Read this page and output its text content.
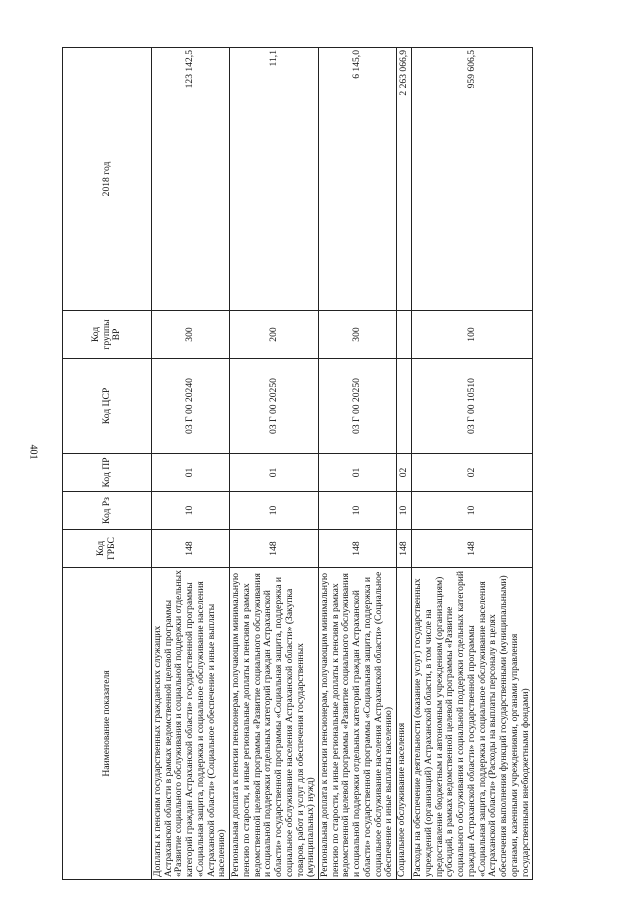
401
Наименование показателя	Код ГРБС	Код Рз	Код ПР	Код ЦСР	Код группы ВР	2018 год
Доплаты к пенсиям государственных гражданских служащих Астраханской области в рамках ведомственной целевой программы «Развитие социального обслуживания и социальной поддержки отдельных категорий граждан Астраханской области» государственной программы «Социальная защита, поддержка и социальное обслуживание населения Астраханской области» (Социальное обеспечение и иные выплаты населению)	148	10	01	03 Г 00 20240	300	123 142,5
Региональная доплата к пенсии пенсионерам, получающим минимальную пенсию по старости, и иные региональные доплаты к пенсиям в рамках ведомственной целевой программы «Развитие социального обслуживания и социальной поддержки отдельных категорий граждан Астраханской области» государственной программы «Социальная защита, поддержка и социальное обслуживание населения Астраханской области» (Закупка товаров, работ и услуг для обеспечения государственных (муниципальных) нужд)	148	10	01	03 Г 00 20250	200	11,1
Региональная доплата к пенсии пенсионерам, получающим минимальную пенсию по старости, и иные региональные доплаты к пенсиям в рамках ведомственной целевой программы «Развитие социального обслуживания и социальной поддержки отдельных категорий граждан Астраханской области» государственной программы «Социальная защита, поддержка и социальное обслуживание населения Астраханской области» (Социальное обеспечение и иные выплаты населению)	148	10	01	03 Г 00 20250	300	6 145,0
Социальное обслуживание населения	148	10	02			2 263 066,9
Расходы на обеспечение деятельности (оказание услуг) государственных учреждений (организаций) Астраханской области, в том числе на предоставление бюджетным и автономным учреждениям (организациям) субсидий, в рамках ведомственной целевой программы «Развитие социального обслуживания и социальной поддержки отдельных категорий граждан Астраханской области» государственной программы «Социальная защита, поддержка и социальное обслуживание населения Астраханской области» (Расходы на выплаты персоналу в целях обеспечения выполнения функций государственными (муниципальными) органами, казенными учреждениями, органами управления государственными внебюджетными фондами)	148	10	02	03 Г 00 10510	100	959 606,5
